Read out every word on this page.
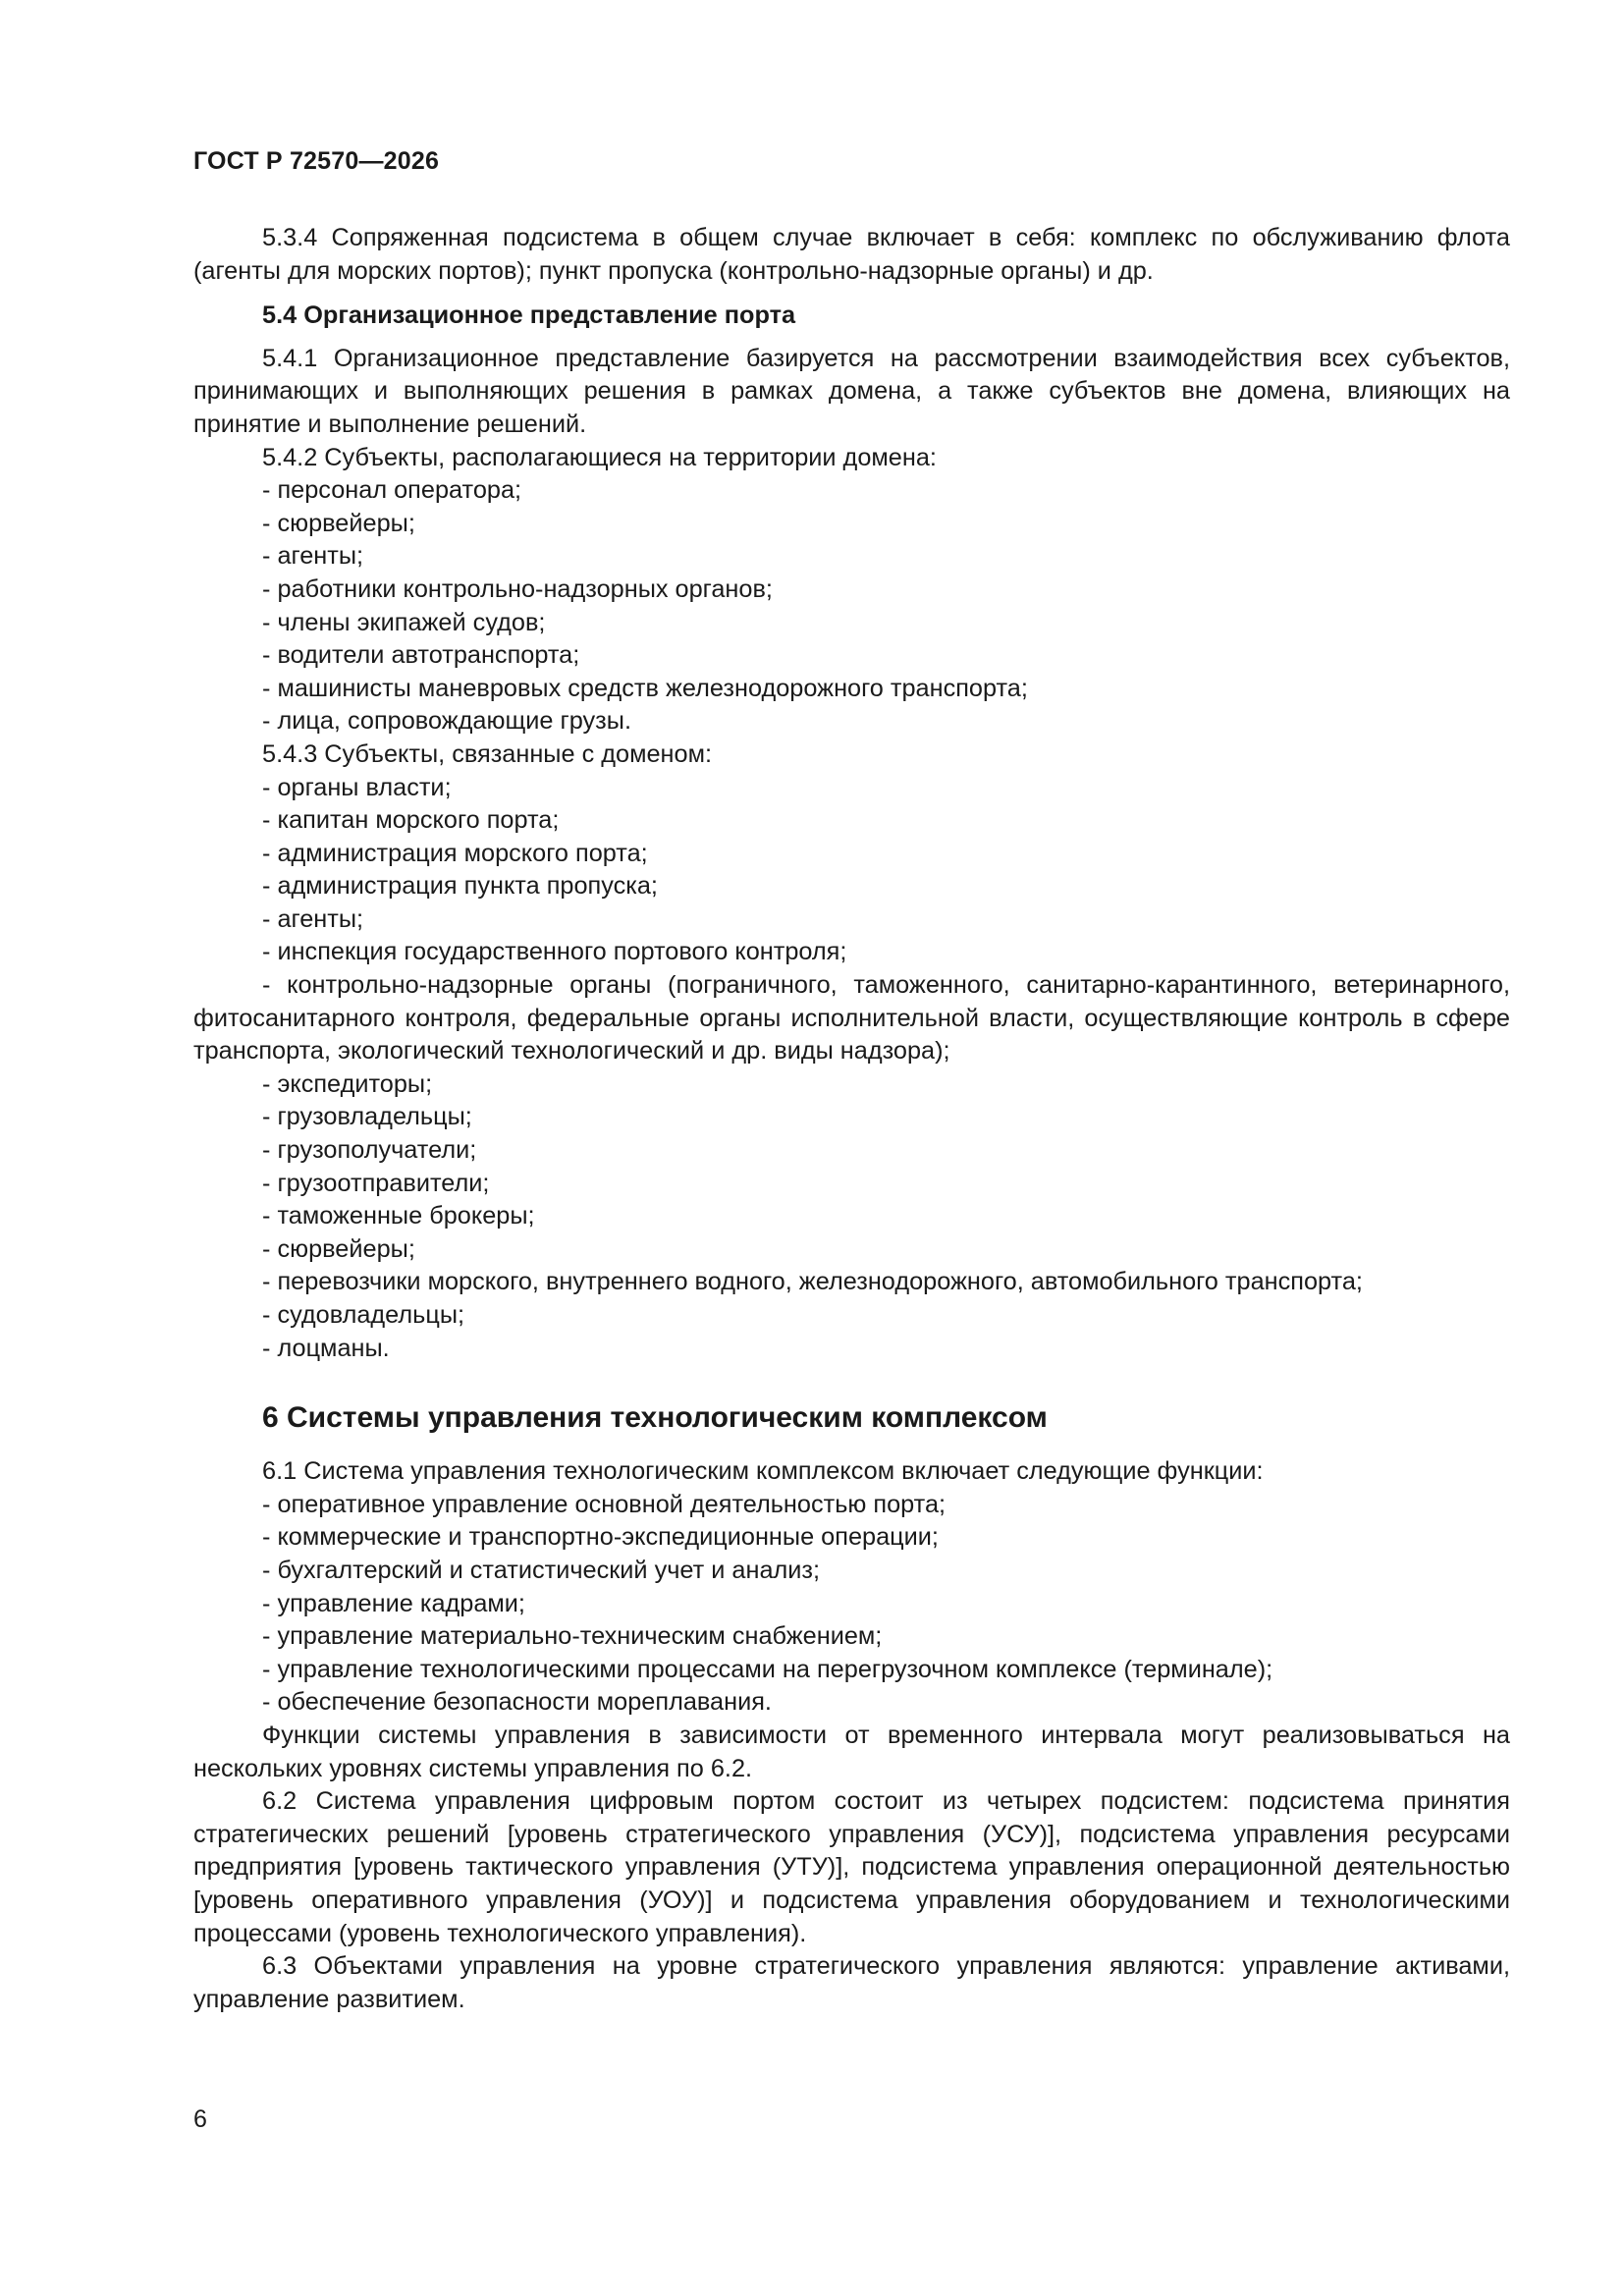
ГОСТ Р 72570—2026

5.3.4 Сопряженная подсистема в общем случае включает в себя: комплекс по обслуживанию флота (агенты для морских портов); пункт пропуска (контрольно-надзорные органы) и др.

5.4 Организационное представление порта

5.4.1 Организационное представление базируется на рассмотрении взаимодействия всех субъектов, принимающих и выполняющих решения в рамках домена, а также субъектов вне домена, влияющих на принятие и выполнение решений.

5.4.2 Субъекты, располагающиеся на территории домена:
- персонал оператора;
- сюрвейеры;
- агенты;
- работники контрольно-надзорных органов;
- члены экипажей судов;
- водители автотранспорта;
- машинисты маневровых средств железнодорожного транспорта;
- лица, сопровождающие грузы.
5.4.3 Субъекты, связанные с доменом:
- органы власти;
- капитан морского порта;
- администрация морского порта;
- администрация пункта пропуска;
- агенты;
- инспекция государственного портового контроля;

- контрольно-надзорные органы (пограничного, таможенного, санитарно-карантинного, ветеринарного, фитосанитарного контроля, федеральные органы исполнительной власти, осуществляющие контроль в сфере транспорта, экологический технологический и др. виды надзора);

- экспедиторы;
- грузовладельцы;
- грузополучатели;
- грузоотправители;
- таможенные брокеры;
- сюрвейеры;
- перевозчики морского, внутреннего водного, железнодорожного, автомобильного транспорта;
- судовладельцы;
- лоцманы.
6 Системы управления технологическим комплексом
6.1 Система управления технологическим комплексом включает следующие функции:
- оперативное управление основной деятельностью порта;
- коммерческие и транспортно-экспедиционные операции;
- бухгалтерский и статистический учет и анализ;
- управление кадрами;
- управление материально-техническим снабжением;
- управление технологическими процессами на перегрузочном комплексе (терминале);
- обеспечение безопасности мореплавания.

Функции системы управления в зависимости от временного интервала могут реализовываться на нескольких уровнях системы управления по 6.2.

6.2 Система управления цифровым портом состоит из четырех подсистем: подсистема принятия стратегических решений [уровень стратегического управления (УСУ)], подсистема управления ресурсами предприятия [уровень тактического управления (УТУ)], подсистема управления операционной деятельностью [уровень оперативного управления (УОУ)] и подсистема управления оборудованием и технологическими процессами (уровень технологического управления).

6.3 Объектами управления на уровне стратегического управления являются: управление активами, управление развитием.

6
